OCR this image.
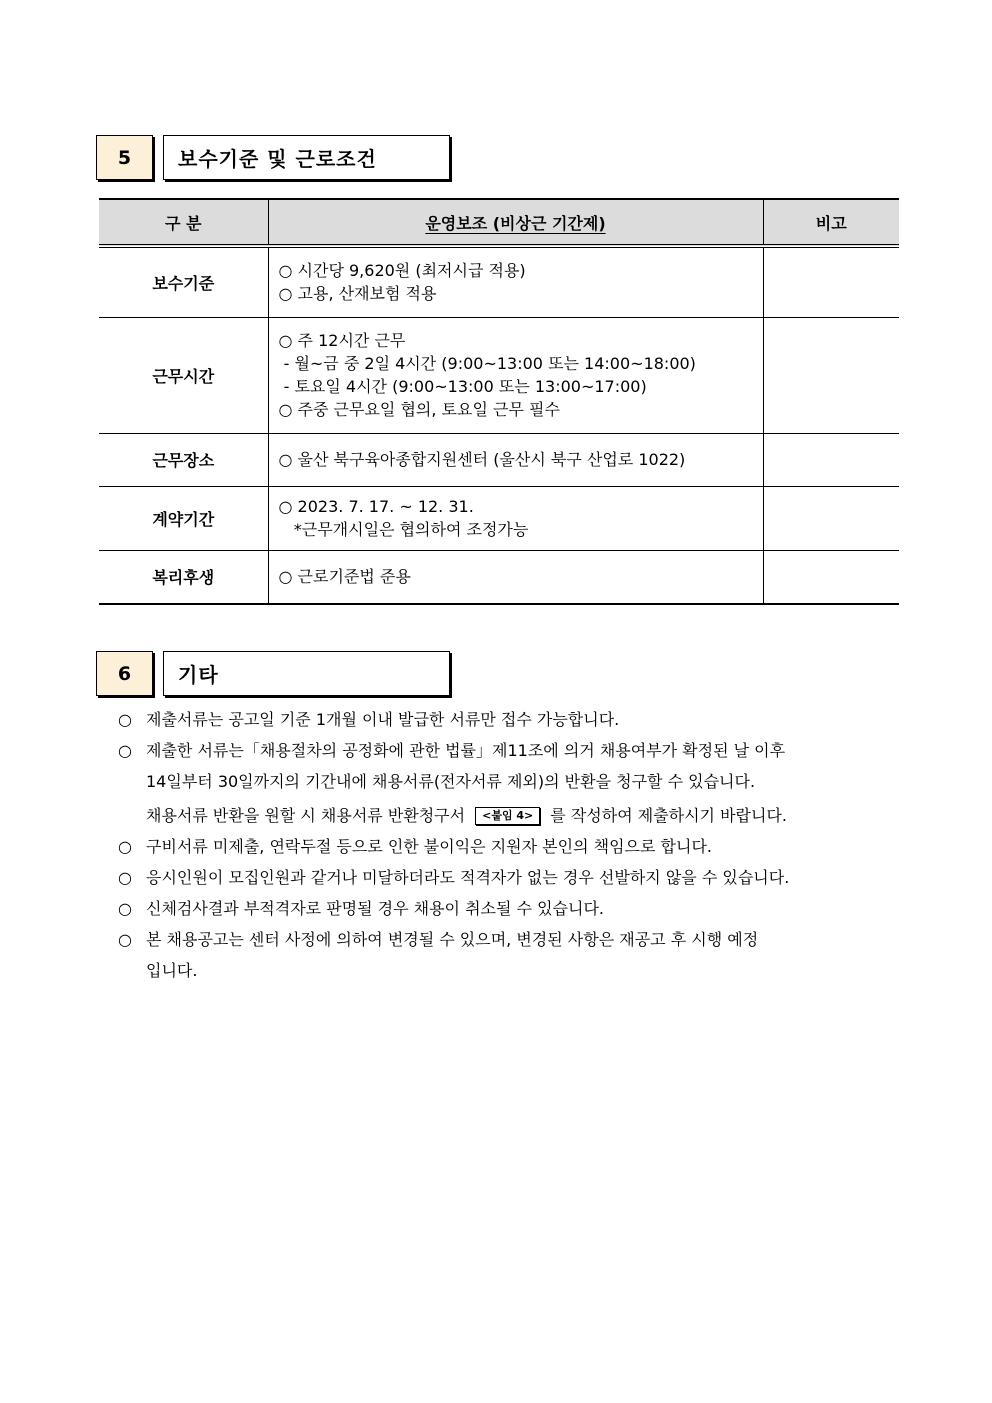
5	보수기준 및 근로조건
구 분	운영보조 (비상근 기간제)	비고
보수기준	○ 시간당 9,620원 (최저시급 적용)
○ 고용, 산재보험 적용	

근무시간	○ 주 12시간 근무
- 월~금 중 2일 4시간 (9:00~13:00 또는 14:00~18:00)
- 토요일 4시간 (9:00~13:00 또는 13:00~17:00)
○ 주중 근무요일 협의, 토요일 근무 필수	

근무장소	○ 울산 북구육아종합지원센터 (울산시 북구 산업로 1022)	

계약기간	○ 2023. 7. 17. ~ 12. 31.
*근무개시일은 협의하여 조정가능	

복리후생	○ 근로기준법 준용	

6	기타
○ 제출서류는 공고일 기준 1개월 이내 발급한 서류만 접수 가능합니다.
○ 제출한 서류는「채용절차의 공정화에 관한 법률」제11조에 의거 채용여부가 확정된 날 이후
14일부터 30일까지의 기간내에 채용서류(전자서류 제외)의 반환을 청구할 수 있습니다.
채용서류 반환을 원할 시 채용서류 반환청구서 <붙임 4> 를 작성하여 제출하시기 바랍니다.
○ 구비서류 미제출, 연락두절 등으로 인한 불이익은 지원자 본인의 책임으로 합니다.
○ 응시인원이 모집인원과 같거나 미달하더라도 적격자가 없는 경우 선발하지 않을 수 있습니다.
○ 신체검사결과 부적격자로 판명될 경우 채용이 취소될 수 있습니다.
○ 본 채용공고는 센터 사정에 의하여 변경될 수 있으며, 변경된 사항은 재공고 후 시행 예정
입니다.
